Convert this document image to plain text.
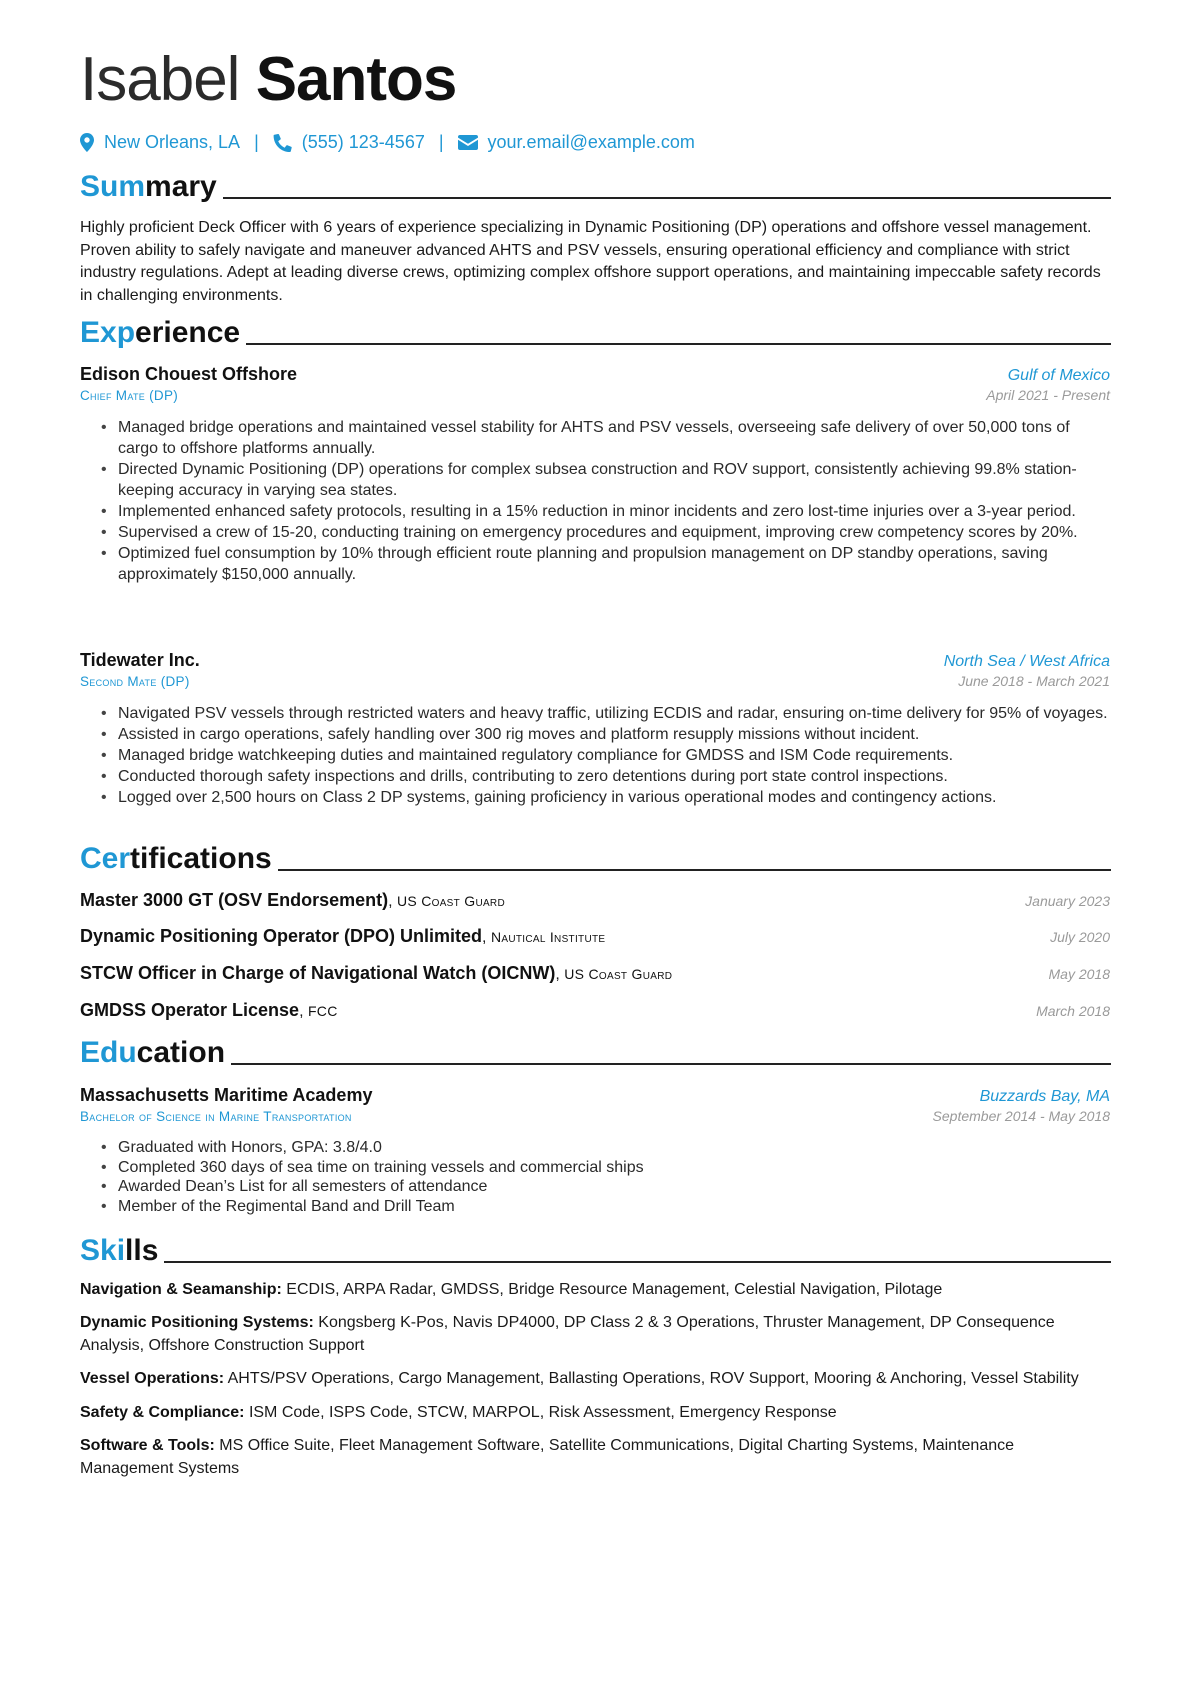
Isabel Santos
New Orleans, LA | (555) 123-4567 | your.email@example.com
Summary
Highly proficient Deck Officer with 6 years of experience specializing in Dynamic Positioning (DP) operations and offshore vessel management. Proven ability to safely navigate and maneuver advanced AHTS and PSV vessels, ensuring operational efficiency and compliance with strict industry regulations. Adept at leading diverse crews, optimizing complex offshore support operations, and maintaining impeccable safety records in challenging environments.
Experience
Edison Chouest Offshore	Gulf of Mexico
Chief Mate (DP)	April 2021 - Present
• Managed bridge operations and maintained vessel stability for AHTS and PSV vessels, overseeing safe delivery of over 50,000 tons of cargo to offshore platforms annually.
• Directed Dynamic Positioning (DP) operations for complex subsea construction and ROV support, consistently achieving 99.8% station-keeping accuracy in varying sea states.
• Implemented enhanced safety protocols, resulting in a 15% reduction in minor incidents and zero lost-time injuries over a 3-year period.
• Supervised a crew of 15-20, conducting training on emergency procedures and equipment, improving crew competency scores by 20%.
• Optimized fuel consumption by 10% through efficient route planning and propulsion management on DP standby operations, saving approximately $150,000 annually.
Tidewater Inc.	North Sea / West Africa
Second Mate (DP)	June 2018 - March 2021
• Navigated PSV vessels through restricted waters and heavy traffic, utilizing ECDIS and radar, ensuring on-time delivery for 95% of voyages.
• Assisted in cargo operations, safely handling over 300 rig moves and platform resupply missions without incident.
• Managed bridge watchkeeping duties and maintained regulatory compliance for GMDSS and ISM Code requirements.
• Conducted thorough safety inspections and drills, contributing to zero detentions during port state control inspections.
• Logged over 2,500 hours on Class 2 DP systems, gaining proficiency in various operational modes and contingency actions.
Certifications
Master 3000 GT (OSV Endorsement), US Coast Guard	January 2023
Dynamic Positioning Operator (DPO) Unlimited, Nautical Institute	July 2020
STCW Officer in Charge of Navigational Watch (OICNW), US Coast Guard	May 2018
GMDSS Operator License, FCC	March 2018
Education
Massachusetts Maritime Academy	Buzzards Bay, MA
Bachelor of Science in Marine Transportation	September 2014 - May 2018
• Graduated with Honors, GPA: 3.8/4.0
• Completed 360 days of sea time on training vessels and commercial ships
• Awarded Dean’s List for all semesters of attendance
• Member of the Regimental Band and Drill Team
Skills
Navigation & Seamanship: ECDIS, ARPA Radar, GMDSS, Bridge Resource Management, Celestial Navigation, Pilotage
Dynamic Positioning Systems: Kongsberg K-Pos, Navis DP4000, DP Class 2 & 3 Operations, Thruster Management, DP Consequence Analysis, Offshore Construction Support
Vessel Operations: AHTS/PSV Operations, Cargo Management, Ballasting Operations, ROV Support, Mooring & Anchoring, Vessel Stability
Safety & Compliance: ISM Code, ISPS Code, STCW, MARPOL, Risk Assessment, Emergency Response
Software & Tools: MS Office Suite, Fleet Management Software, Satellite Communications, Digital Charting Systems, Maintenance Management Systems
